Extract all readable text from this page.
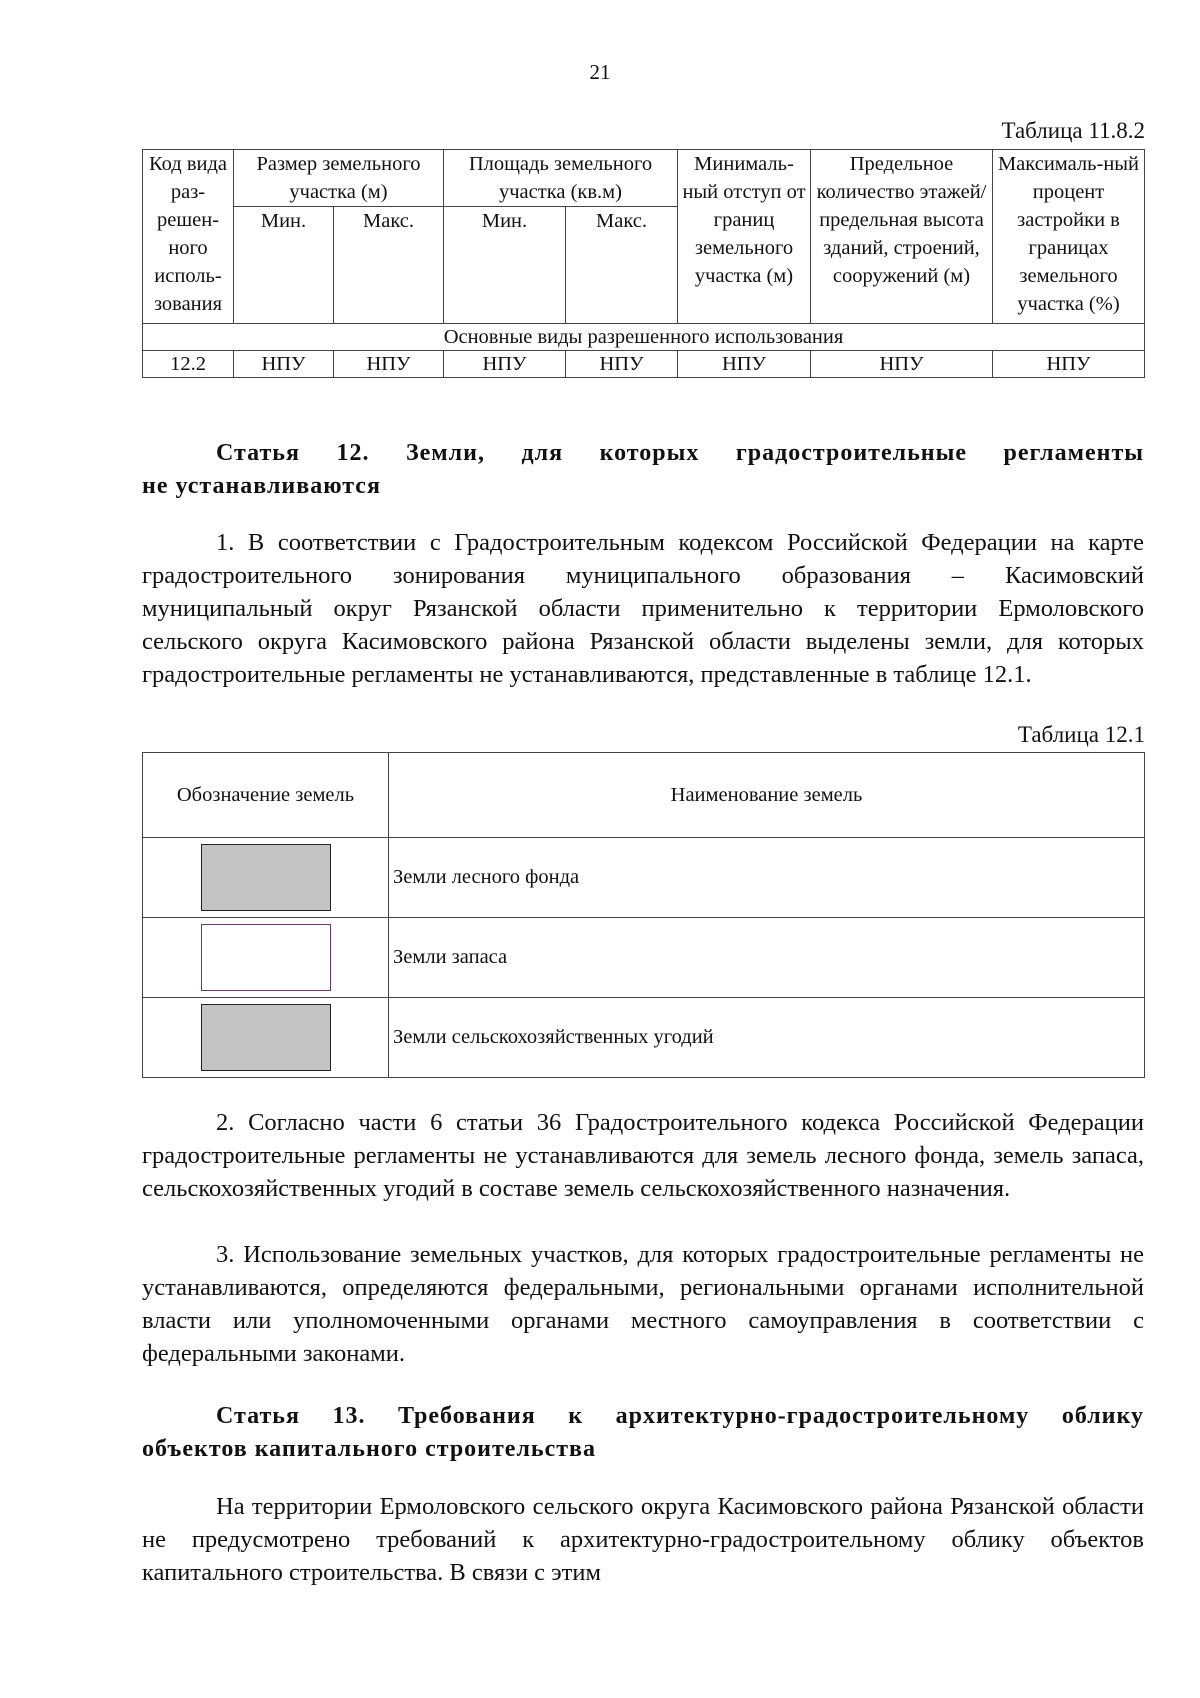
21
Таблица 11.8.2
Код вида раз-решен-ного исполь-зования	Размер земельного участка (м)		Площадь земельного участка (кв.м)		Минималь-ный отступ от границ земельного участка (м)	Предельное количество этажей/ предельная высота зданий, строений, сооружений (м)	Максималь-ный процент застройки в границах земельного участка (%)
	Мин.	Макс.	Мин.	Макс.			
Основные виды разрешенного использования							
12.2	НПУ	НПУ	НПУ	НПУ	НПУ	НПУ	НПУ
Статья 12. Земли, для которых градостроительные регламенты
не устанавливаются

1. В соответствии с Градостроительным кодексом Российской Федерации на карте градостроительного зонирования муниципального образования – Касимовский муниципальный округ Рязанской области применительно к территории Ермоловского сельского округа Касимовского района Рязанской области выделены земли, для которых градостроительные регламенты не устанавливаются, представленные в таблице 12.1.

Таблица 12.1
Обозначение земель	Наименование земель
	Земли лесного фонда
	Земли запаса
	Земли сельскохозяйственных угодий

2. Согласно части 6 статьи 36 Градостроительного кодекса Российской Федерации градостроительные регламенты не устанавливаются для земель лесного фонда, земель запаса, сельскохозяйственных угодий в составе земель сельскохозяйственного назначения.

3. Использование земельных участков, для которых градостроительные регламенты не устанавливаются, определяются федеральными, региональными органами исполнительной власти или уполномоченными органами местного самоуправления в соответствии с федеральными законами.

Статья 13. Требования к архитектурно-градостроительному облику
объектов капитального строительства

На территории Ермоловского сельского округа Касимовского района Рязанской области не предусмотрено требований к архитектурно-градостроительному облику объектов капитального строительства. В связи с этим
